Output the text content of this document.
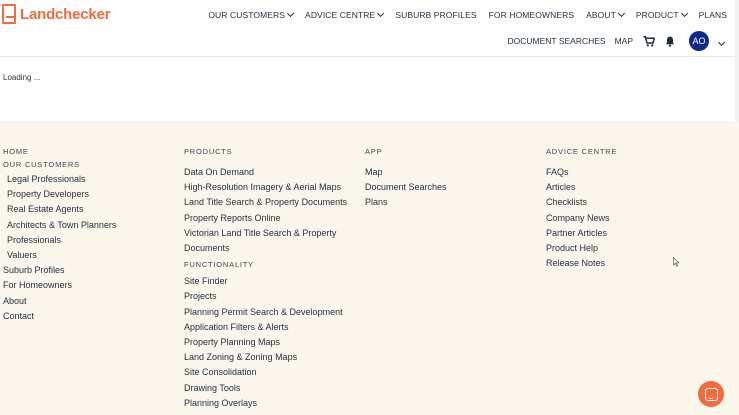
Landchecker	OUR CUSTOMERS ADVICE CENTRE SUBURB PROFILES FOR HOMEOWNERS ABOUT PRODUCT PLANS
DOCUMENT SEARCHES MAP	AO
Loading ...
HOME
OUR CUSTOMERS
Legal Professionals
Property Developers
Real Estate Agents
Architects & Town Planners
Professionals
Valuers
Suburb Profiles
For Homeowners
About
Contact
PRODUCTS
Data On Demand
High-Resolution Imagery & Aerial Maps
Land Title Search & Property Documents
Property Reports Online
Victorian Land Title Search & Property
Documents
FUNCTIONALITY
Site Finder
Projects
Planning Permit Search & Development
Application Filters & Alerts
Property Planning Maps
Land Zoning & Zoning Maps
Site Consolidation
Drawing Tools
Planning Overlays
APP
Map
Document Searches
Plans
ADVICE CENTRE
FAQs
Articles
Checklists
Company News
Partner Articles
Product Help
Release Notes
